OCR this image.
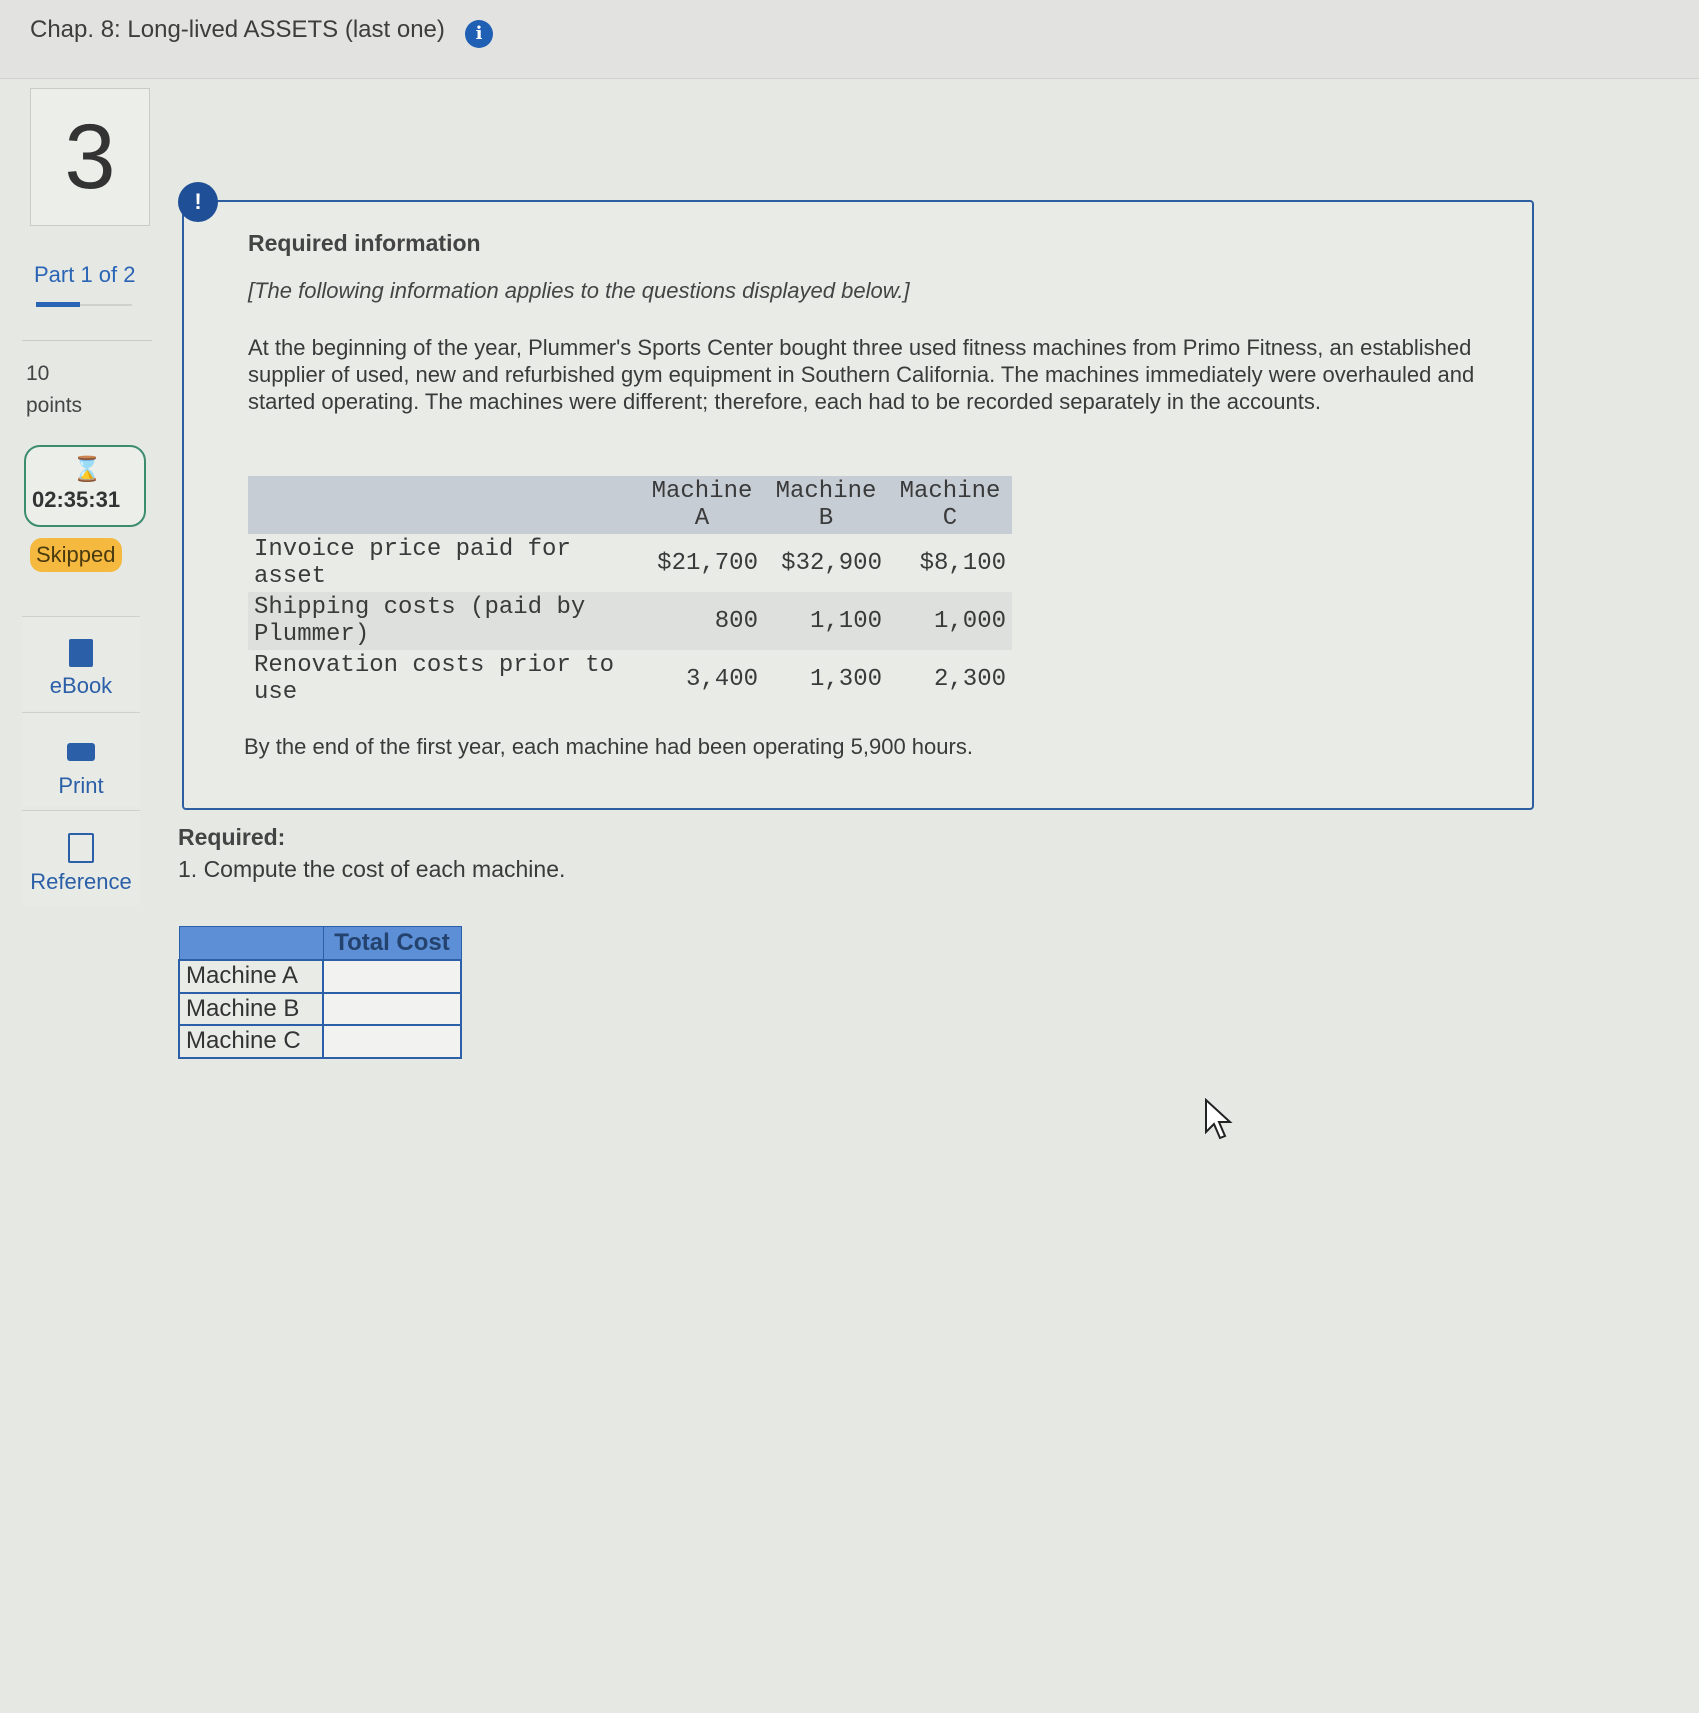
Chap. 8: Long-lived ASSETS (last one)	i
3
Part 1 of 2
10
points
⌛
02:35:31
Skipped
eBook
Print
Reference
!
Required information
[The following information applies to the questions displayed below.]
At the beginning of the year, Plummer's Sports Center bought three used fitness machines from Primo Fitness, an established supplier of used, new and refurbished gym equipment in Southern California. The machines immediately were overhauled and started operating. The machines were different; therefore, each had to be recorded separately in the accounts.
	Machine A	Machine B	Machine C
Invoice price paid for asset	$21,700	$32,900	$8,100
Shipping costs (paid by Plummer)	800	1,100	1,000
Renovation costs prior to use	3,400	1,300	2,300
By the end of the first year, each machine had been operating 5,900 hours.
Required:
1. Compute the cost of each machine.
	Total Cost
Machine A	
Machine B	
Machine C	
